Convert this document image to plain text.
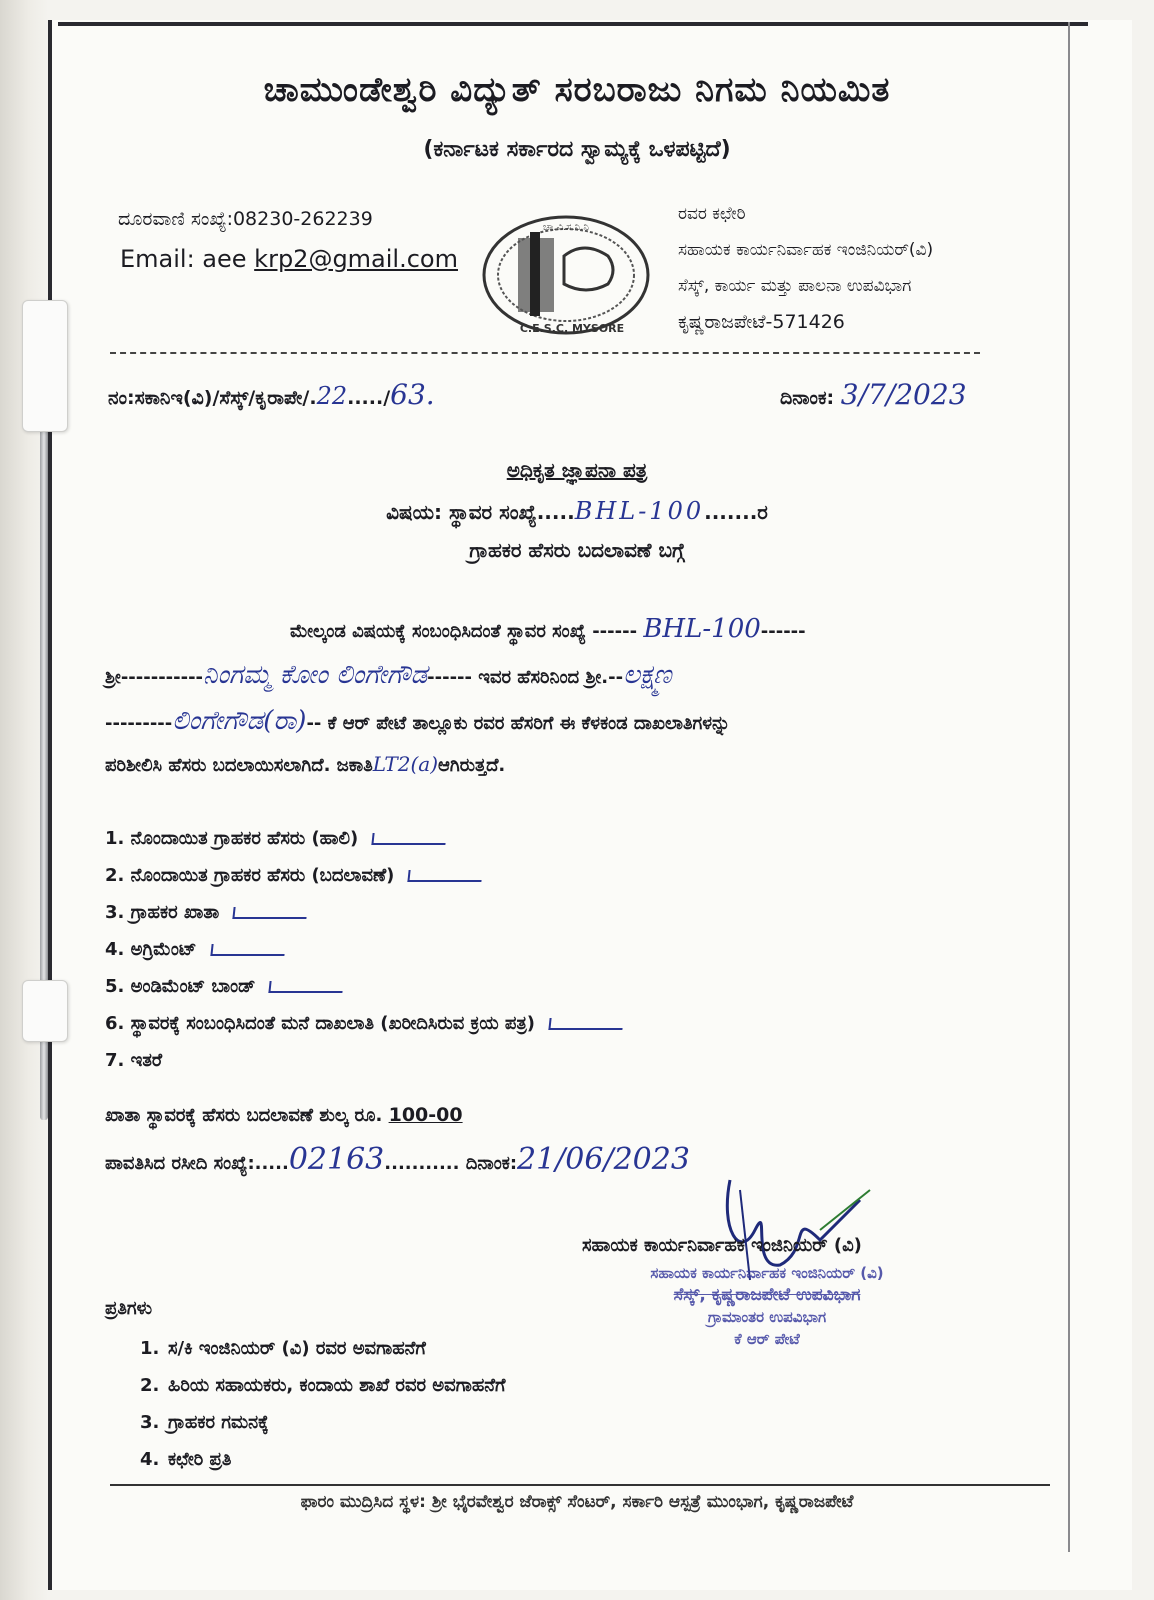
ಚಾಮುಂಡೇಶ್ವರಿ ವಿದ್ಯುತ್ ಸರಬರಾಜು ನಿಗಮ ನಿಯಮಿತ
(ಕರ್ನಾಟಕ ಸರ್ಕಾರದ ಸ್ವಾಮ್ಯಕ್ಕೆ ಒಳಪಟ್ಟಿದೆ)
ದೂರವಾಣಿ ಸಂಖ್ಯೆ:08230-262239
Email: aee krp2@gmail.com
ಚಾ.ವಿ.ಸ.ನಿ.ನಿ
C.E.S.C. MYSORE
ರವರ ಕಛೇರಿ
ಸಹಾಯಕ ಕಾರ್ಯನಿರ್ವಾಹಕ ಇಂಜಿನಿಯರ್(ವಿ)
ಸೆಸ್ಕ್, ಕಾರ್ಯ ಮತ್ತು ಪಾಲನಾ ಉಪವಿಭಾಗ
ಕೃಷ್ಣರಾಜಪೇಟೆ-571426
ನಂ:ಸಕಾನಿಇ(ವಿ)/ಸೆಸ್ಕ್/ಕೃರಾಪೇ/.22...../63.	ದಿನಾಂಕ: 3/7/2023
ಅಧಿಕೃತ ಜ್ಞಾಪನಾ ಪತ್ರ
ವಿಷಯ: ಸ್ಥಾವರ ಸಂಖ್ಯೆ.....BHL-100.......ರ
ಗ್ರಾಹಕರ ಹೆಸರು ಬದಲಾವಣೆ ಬಗ್ಗೆ
ಮೇಲ್ಕಂಡ ವಿಷಯಕ್ಕೆ ಸಂಬಂಧಿಸಿದಂತೆ ಸ್ಥಾವರ ಸಂಖ್ಯೆ ------ BHL-100------
ಶ್ರೀ-----------ನಿಂಗಮ್ಮ ಕೋಂ ಲಿಂಗೇಗೌಡ------ ಇವರ ಹೆಸರಿನಿಂದ ಶ್ರೀ.--ಲಕ್ಷ್ಮಣ
---------ಲಿಂಗೇಗೌಡ(ರಾ)-- ಕೆ ಆರ್ ಪೇಟೆ ತಾಲ್ಲೂಕು ರವರ ಹೆಸರಿಗೆ ಈ ಕೆಳಕಂಡ ದಾಖಲಾತಿಗಳನ್ನು
ಪರಿಶೀಲಿಸಿ ಹೆಸರು ಬದಲಾಯಿಸಲಾಗಿದೆ. ಜಕಾತಿLT2(a)ಆಗಿರುತ್ತದೆ.
1. ನೊಂದಾಯಿತ ಗ್ರಾಹಕರ ಹೆಸರು (ಹಾಲಿ)
2. ನೊಂದಾಯಿತ ಗ್ರಾಹಕರ ಹೆಸರು (ಬದಲಾವಣೆ)
3. ಗ್ರಾಹಕರ ಖಾತಾ
4. ಅಗ್ರಿಮೆಂಟ್
5. ಅಂಡಿಮೆಂಟ್ ಬಾಂಡ್
6. ಸ್ಥಾವರಕ್ಕೆ ಸಂಬಂಧಿಸಿದಂತೆ ಮನೆ ದಾಖಲಾತಿ (ಖರೀದಿಸಿರುವ ಕ್ರಯ ಪತ್ರ)
7. ಇತರೆ
ಖಾತಾ ಸ್ಥಾವರಕ್ಕೆ ಹೆಸರು ಬದಲಾವಣೆ ಶುಲ್ಕ ರೂ. 100-00
ಪಾವತಿಸಿದ ರಸೀದಿ ಸಂಖ್ಯೆ:.....02163........... ದಿನಾಂಕ:21/06/2023
ಸಹಾಯಕ ಕಾರ್ಯನಿರ್ವಾಹಕ ಇಂಜಿನಿಯರ್ (ವಿ)
ಸಹಾಯಕ ಕಾರ್ಯನಿರ್ವಾಹಕ ಇಂಜಿನಿಯರ್ (ವಿ)
ಸೆಸ್ಕ್, ಕೃಷ್ಣರಾಜಪೇಟೆ ಉಪವಿಭಾಗ
ಗ್ರಾಮಾಂತರ ಉಪವಿಭಾಗ
ಕೆ ಆರ್ ಪೇಟೆ
ಪ್ರತಿಗಳು
1. ಸ/ಕಿ ಇಂಜಿನಿಯರ್ (ವಿ) ರವರ ಅವಗಾಹನೆಗೆ
2. ಹಿರಿಯ ಸಹಾಯಕರು, ಕಂದಾಯ ಶಾಖೆ ರವರ ಅವಗಾಹನೆಗೆ
3. ಗ್ರಾಹಕರ ಗಮನಕ್ಕೆ
4. ಕಛೇರಿ ಪ್ರತಿ
ಫಾರಂ ಮುದ್ರಿಸಿದ ಸ್ಥಳ: ಶ್ರೀ ಭೈರವೇಶ್ವರ ಜೆರಾಕ್ಸ್ ಸೆಂಟರ್, ಸರ್ಕಾರಿ ಆಸ್ಪತ್ರೆ ಮುಂಭಾಗ, ಕೃಷ್ಣರಾಜಪೇಟೆ
